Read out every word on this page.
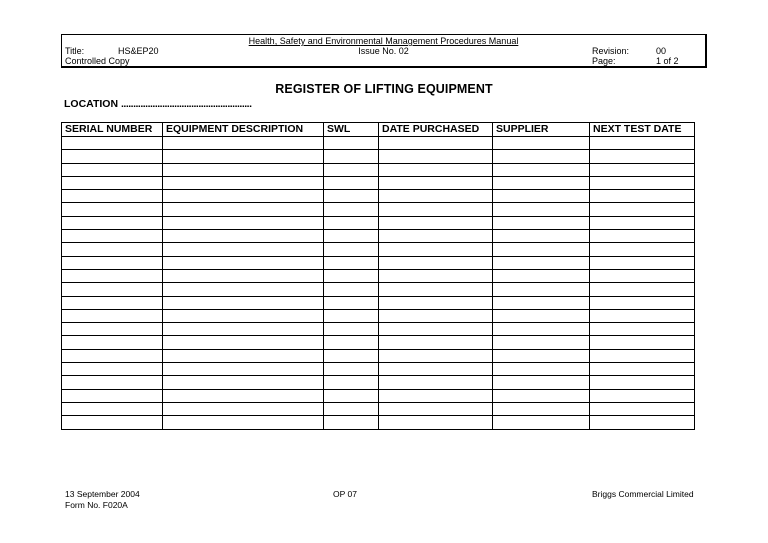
Health, Safety and Environmental Management Procedures Manual
Issue No. 02
Title:	HS&EP20
Controlled Copy
Revision:	00
Page:	1 of 2
REGISTER OF LIFTING EQUIPMENT
LOCATION ......................................................
SERIAL NUMBER	EQUIPMENT DESCRIPTION	SWL	DATE PURCHASED	SUPPLIER	NEXT TEST DATE

13 September 2004
Form No. F020A
OP 07	Briggs Commercial Limited
